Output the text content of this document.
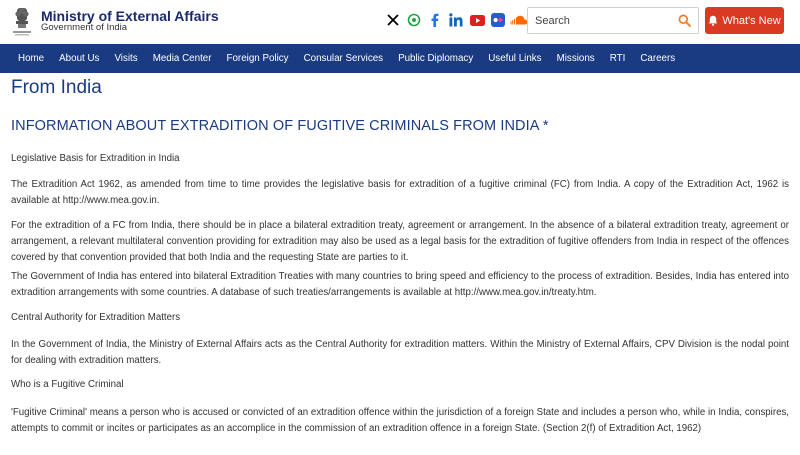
Ministry of External Affairs
Government of India
Search
What's New
Home About Us Visits Media Center Foreign Policy Consular Services Public Diplomacy Useful Links Missions RTI Careers
From India
INFORMATION ABOUT EXTRADITION OF FUGITIVE CRIMINALS FROM INDIA *

Legislative Basis for Extradition in India

The Extradition Act 1962, as amended from time to time provides the legislative basis for extradition of a fugitive criminal (FC) from India. A copy of the Extradition Act, 1962 is available at http://www.mea.gov.in.

For the extradition of a FC from India, there should be in place a bilateral extradition treaty, agreement or arrangement. In the absence of a bilateral extradition treaty, agreement or arrangement, a relevant multilateral convention providing for extradition may also be used as a legal basis for the extradition of fugitive offenders from India in respect of the offences covered by that convention provided that both India and the requesting State are parties to it.

The Government of India has entered into bilateral Extradition Treaties with many countries to bring speed and efficiency to the process of extradition. Besides, India has entered into extradition arrangements with some countries. A database of such treaties/arrangements is available at http://www.mea.gov.in/treaty.htm.

Central Authority for Extradition Matters

In the Government of India, the Ministry of External Affairs acts as the Central Authority for extradition matters. Within the Ministry of External Affairs, CPV Division is the nodal point for dealing with extradition matters.

Who is a Fugitive Criminal

'Fugitive Criminal' means a person who is accused or convicted of an extradition offence within the jurisdiction of a foreign State and includes a person who, while in India, conspires, attempts to commit or incites or participates as an accomplice in the commission of an extradition offence in a foreign State. (Section 2(f) of Extradition Act, 1962)
